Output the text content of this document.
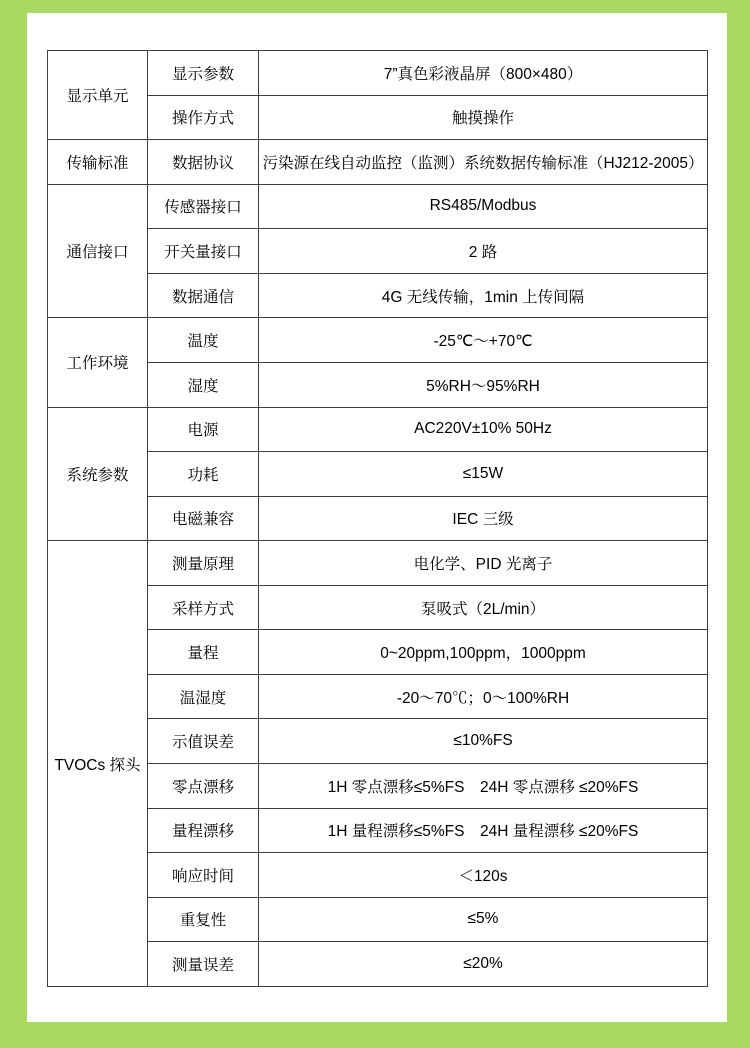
显示单元	显示参数	7”真色彩液晶屏（800×480）
	操作方式	触摸操作
传输标准	数据协议	污染源在线自动监控（监测）系统数据传输标准（HJ212-2005）
通信接口	传感器接口	RS485/Modbus
	开关量接口	2 路
	数据通信	4G 无线传输，1min 上传间隔
工作环境	温度	-25℃～+70℃
	湿度	5%RH～95%RH
系统参数	电源	AC220V±10% 50Hz
	功耗	≤15W
	电磁兼容	IEC 三级
TVOCs 探头	测量原理	电化学、PID 光离子
	采样方式	泵吸式（2L/min）
	量程	0~20ppm,100ppm，1000ppm
	温湿度	-20～70℃；0～100%RH
	示值误差	≤10%FS
	零点漂移	1H 零点漂移≤5%FS　24H 零点漂移 ≤20%FS
	量程漂移	1H 量程漂移≤5%FS　24H 量程漂移 ≤20%FS
	响应时间	＜120s
	重复性	≤5%
	测量误差	≤20%
